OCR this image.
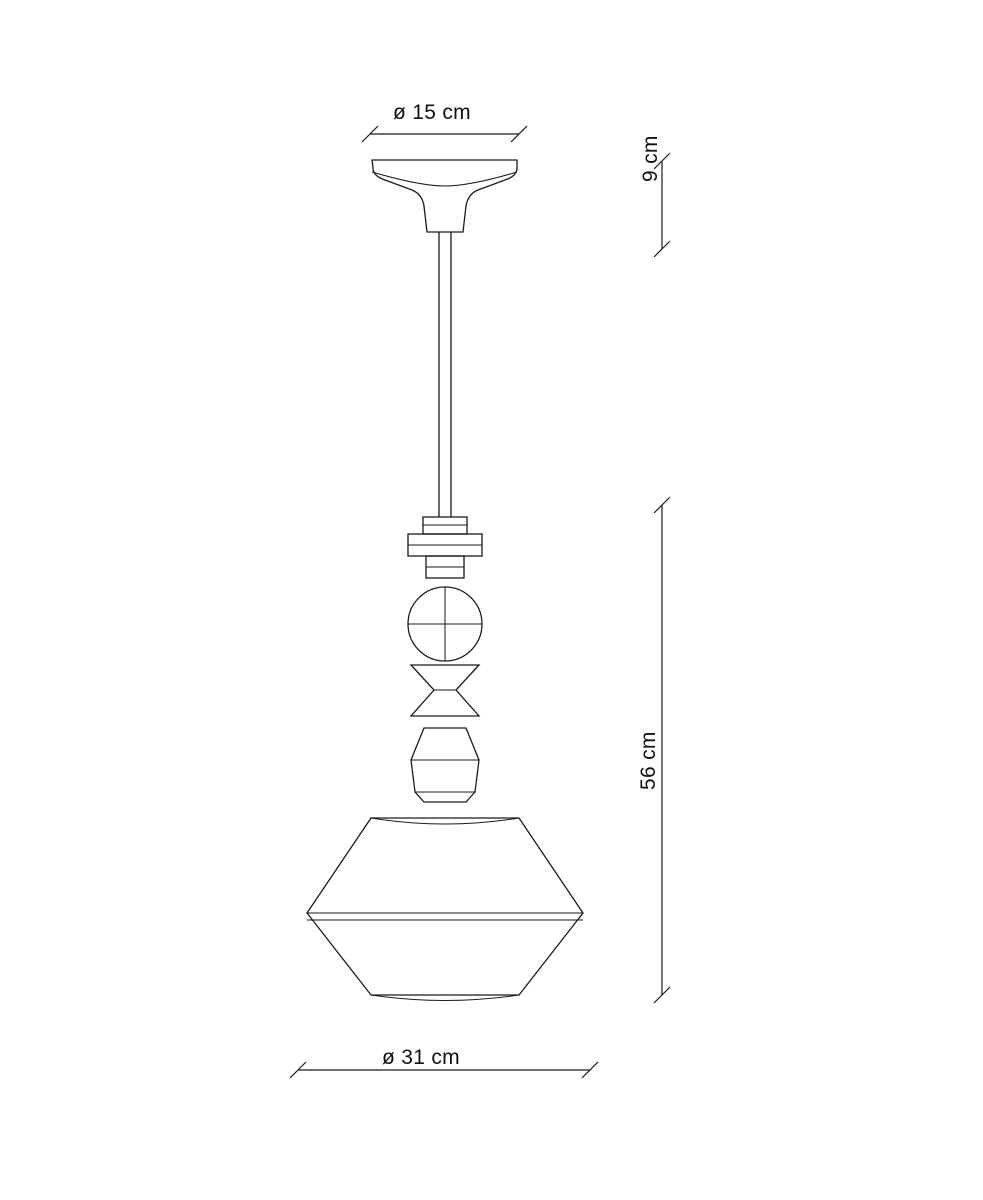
ø 15 cm
ø 31 cm
9 cm
56 cm
